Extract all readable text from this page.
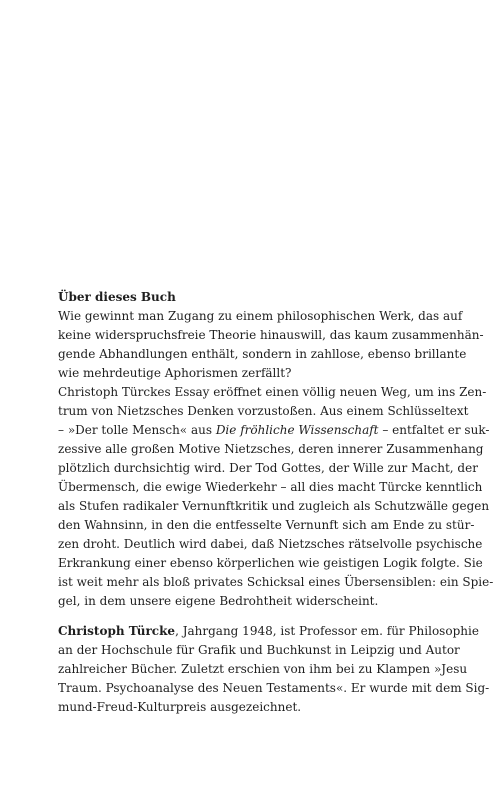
Über dieses Buch
Wie gewinnt man Zugang zu einem philosophischen Werk, das auf
keine widerspruchsfreie Theorie hinauswill, das kaum zusammenhän-
gende Abhandlungen enthält, sondern in zahllose, ebenso brillante
wie mehrdeutige Aphorismen zerfällt?
Christoph Türckes Essay eröffnet einen völlig neuen Weg, um ins Zen-
trum von Nietzsches Denken vorzustoßen. Aus einem Schlüsseltext
– »Der tolle Mensch« aus Die fröhliche Wissenschaft – entfaltet er suk-
zessive alle großen Motive Nietzsches, deren innerer Zusammenhang
plötzlich durchsichtig wird. Der Tod Gottes, der Wille zur Macht, der
Übermensch, die ewige Wiederkehr – all dies macht Türcke kenntlich
als Stufen radikaler Vernunftkritik und zugleich als Schutzwälle gegen
den Wahnsinn, in den die entfesselte Vernunft sich am Ende zu stür-
zen droht. Deutlich wird dabei, daß Nietzsches rätselvolle psychische
Erkrankung einer ebenso körperlichen wie geistigen Logik folgte. Sie
ist weit mehr als bloß privates Schicksal eines Übersensiblen: ein Spie-
gel, in dem unsere eigene Bedrohtheit widerscheint.
Christoph Türcke, Jahrgang 1948, ist Professor em. für Philosophie
an der Hochschule für Grafik und Buchkunst in Leipzig und Autor
zahlreicher Bücher. Zuletzt erschien von ihm bei zu Klampen »Jesu
Traum. Psychoanalyse des Neuen Testaments«. Er wurde mit dem Sig-
mund-Freud-Kulturpreis ausgezeichnet.
